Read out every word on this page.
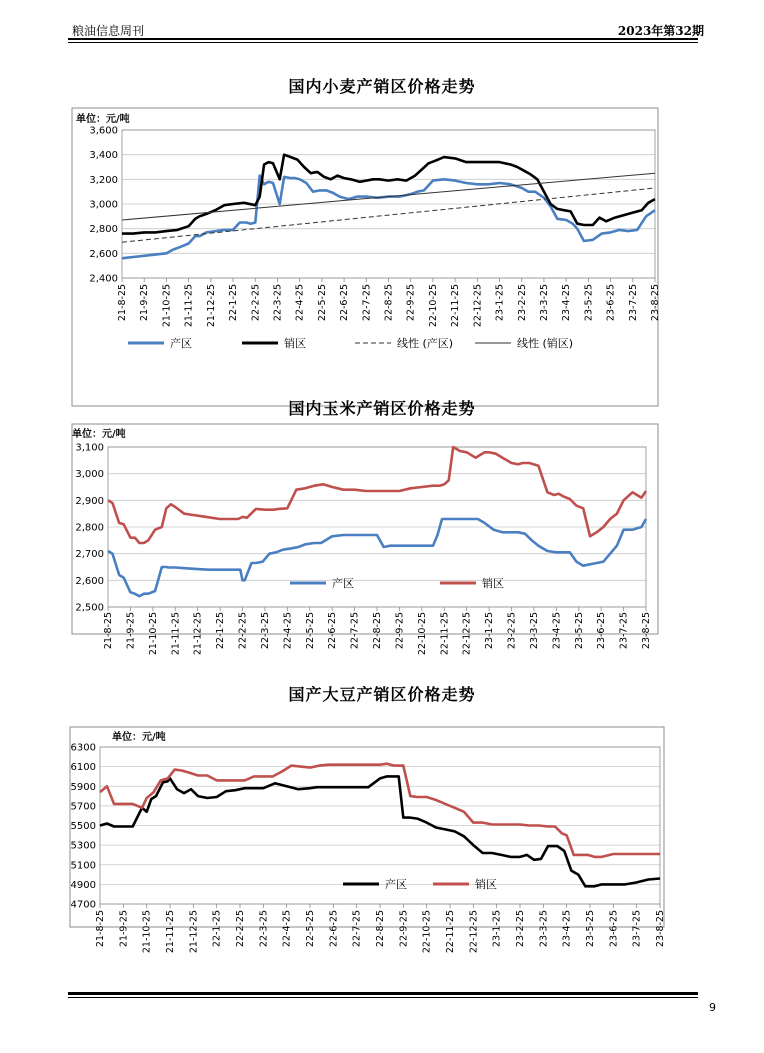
粮油信息周刊	2023年第32期
国内小麦产销区价格走势
单位：元/吨
3,600
3,400
3,200
3,000
2,800
2,600
2,400
21-8-25 21-9-25 21-10-25 21-11-25 21-12-25 22-1-25 22-2-25 22-3-25 22-4-25 22-5-25 22-6-25 22-7-25 22-8-25 22-9-25 22-10-25 22-11-25 22-12-25 23-1-25 23-2-25 23-3-25 23-4-25 23-5-25 23-6-25 23-7-25 23-8-25
产区	销区	线性 (产区)	线性 (销区)
国内玉米产销区价格走势
单位：元/吨
3,100
3,000
2,900
2,800
2,700
2,600
2,500
21-8-25 21-9-25 21-10-25 21-11-25 21-12-25 22-1-25 22-2-25 22-3-25 22-4-25 22-5-25 22-6-25 22-7-25 22-8-25 22-9-25 22-10-25 22-11-25 22-12-25 23-1-25 23-2-25 23-3-25 23-4-25 23-5-25 23-6-25 23-7-25 23-8-25
产区	销区
国产大豆产销区价格走势
单位：元/吨
6300
6100
5900
5700
5500
5300
5100
4900
4700
21-8-25 21-9-25 21-10-25 21-11-25 21-12-25 22-1-25 22-2-25 22-3-25 22-4-25 22-5-25 22-6-25 22-7-25 22-8-25 22-9-25 22-10-25 22-11-25 22-12-25 23-1-25 23-2-25 23-3-25 23-4-25 23-5-25 23-6-25 23-7-25 23-8-25
产区	销区
9
